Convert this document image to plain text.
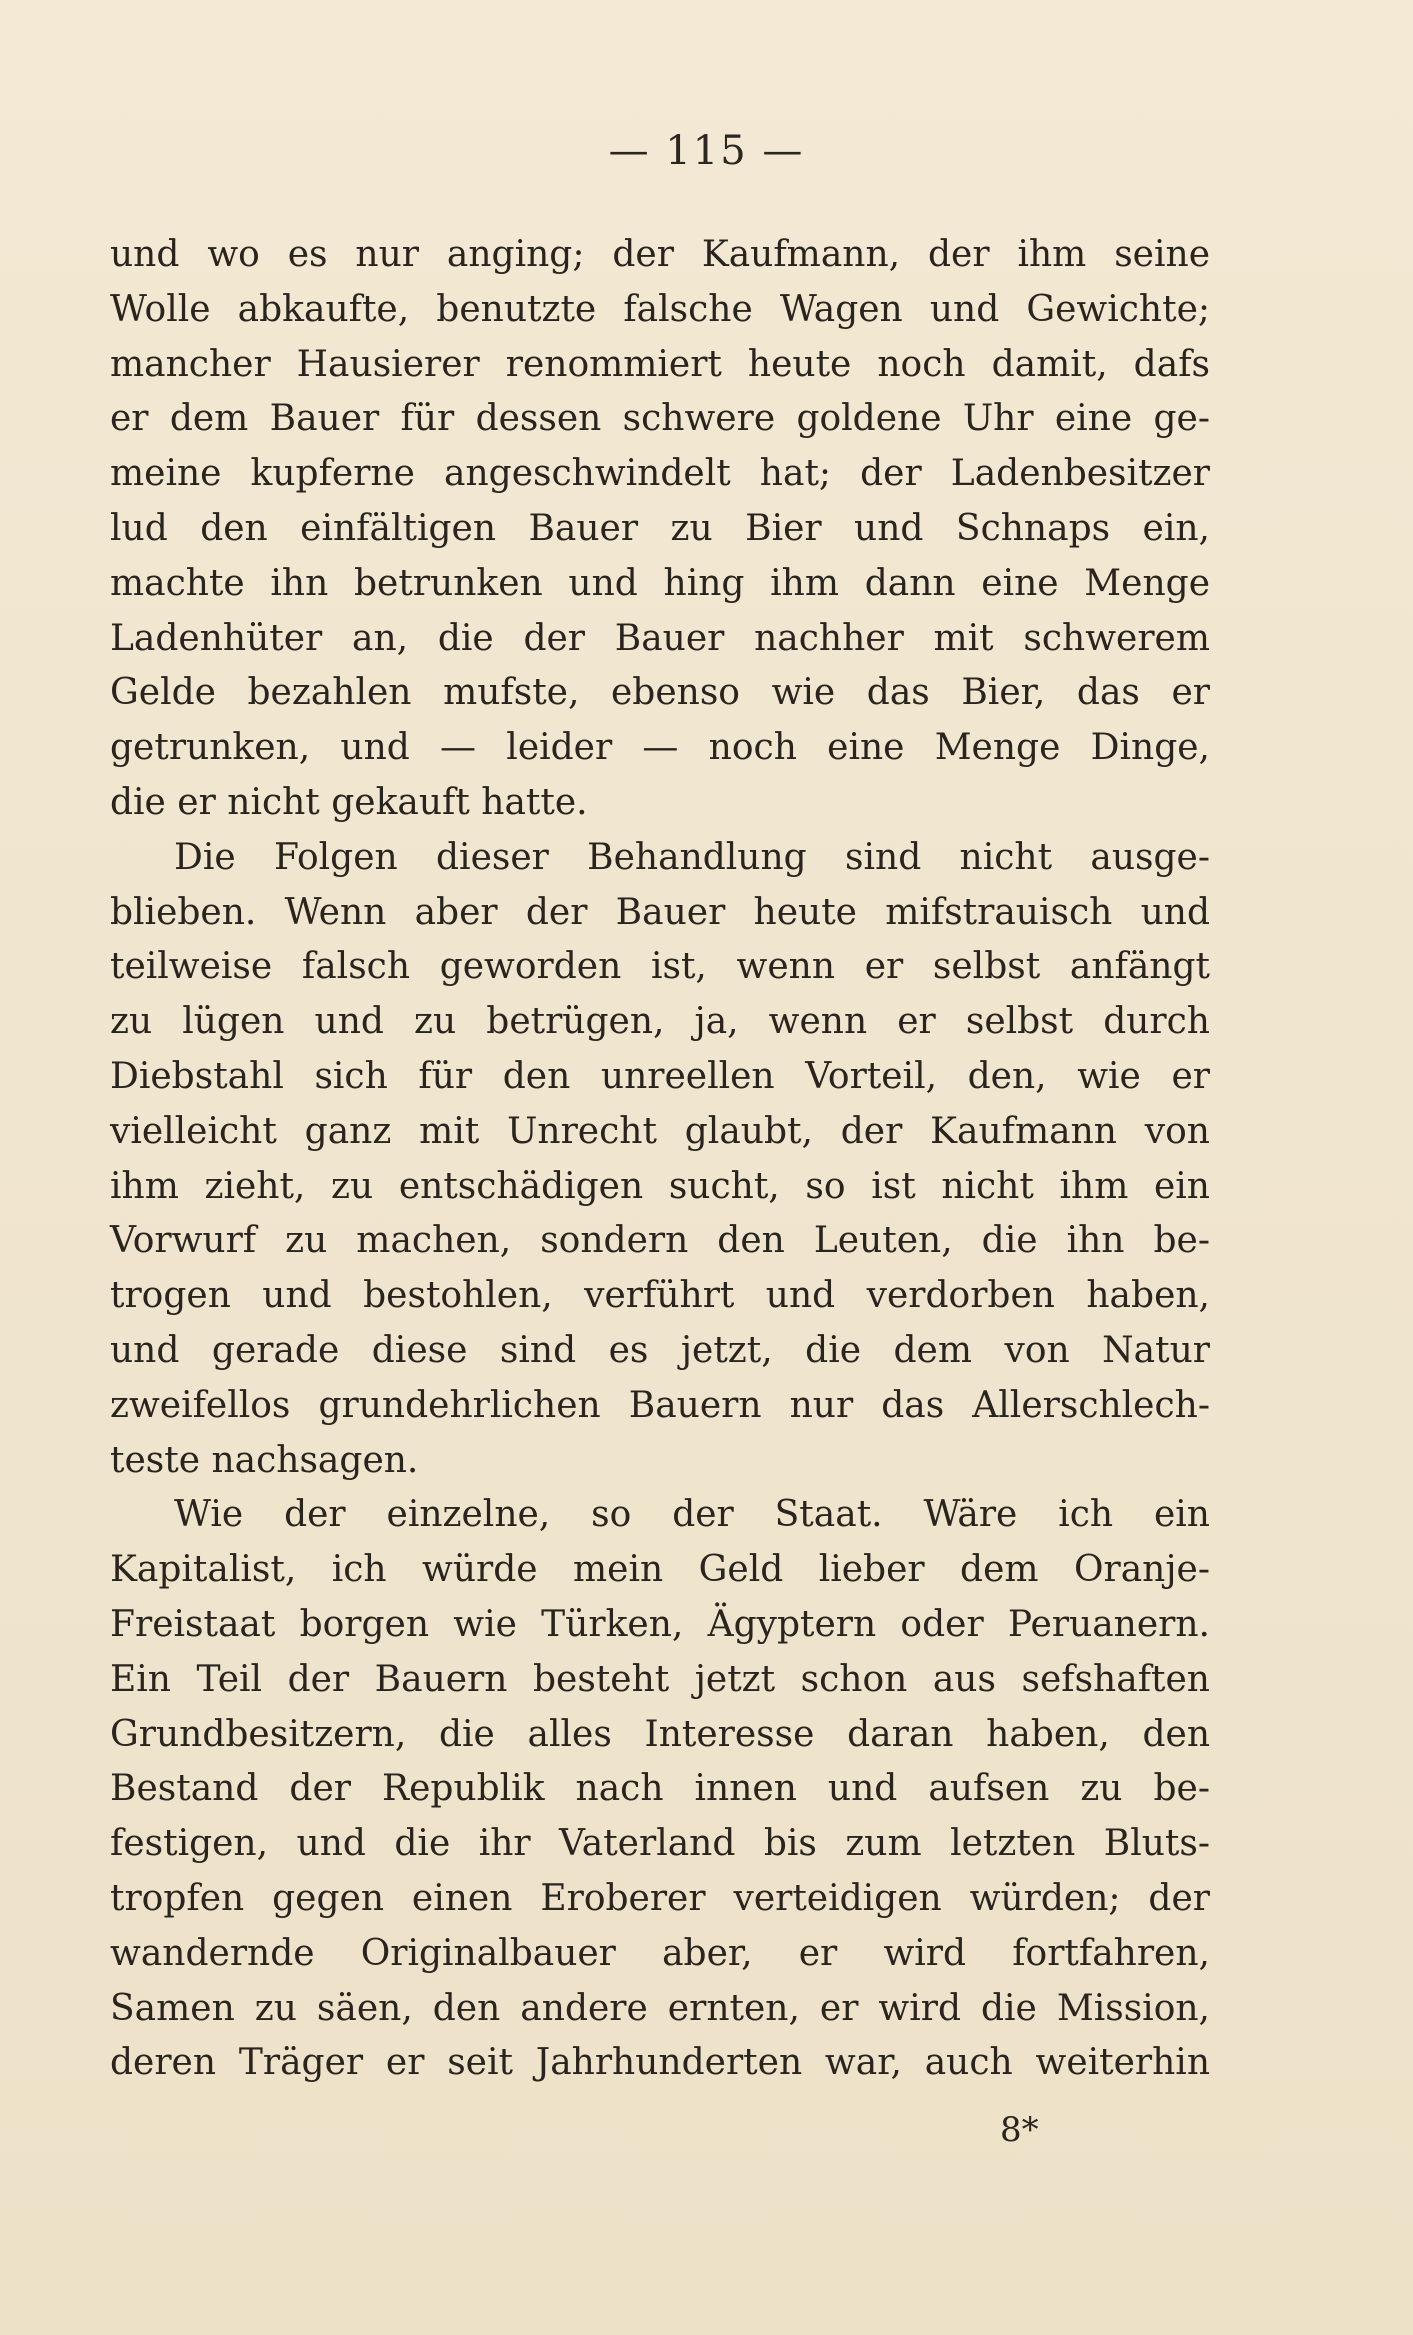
— 115 —
und wo es nur anging; der Kaufmann, der ihm seine
Wolle abkaufte, benutzte falsche Wagen und Gewichte;
mancher Hausierer renommiert heute noch damit, dafs
er dem Bauer für dessen schwere goldene Uhr eine ge-
meine kupferne angeschwindelt hat; der Ladenbesitzer
lud den einfältigen Bauer zu Bier und Schnaps ein,
machte ihn betrunken und hing ihm dann eine Menge
Ladenhüter an, die der Bauer nachher mit schwerem
Gelde bezahlen mufste, ebenso wie das Bier, das er
getrunken, und — leider — noch eine Menge Dinge,
die er nicht gekauft hatte.
Die Folgen dieser Behandlung sind nicht ausge-
blieben. Wenn aber der Bauer heute mifstrauisch und
teilweise falsch geworden ist, wenn er selbst anfängt
zu lügen und zu betrügen, ja, wenn er selbst durch
Diebstahl sich für den unreellen Vorteil, den, wie er
vielleicht ganz mit Unrecht glaubt, der Kaufmann von
ihm zieht, zu entschädigen sucht, so ist nicht ihm ein
Vorwurf zu machen, sondern den Leuten, die ihn be-
trogen und bestohlen, verführt und verdorben haben,
und gerade diese sind es jetzt, die dem von Natur
zweifellos grundehrlichen Bauern nur das Allerschlech-
teste nachsagen.
Wie der einzelne, so der Staat. Wäre ich ein
Kapitalist, ich würde mein Geld lieber dem Oranje-
Freistaat borgen wie Türken, Ägyptern oder Peruanern.
Ein Teil der Bauern besteht jetzt schon aus sefshaften
Grundbesitzern, die alles Interesse daran haben, den
Bestand der Republik nach innen und aufsen zu be-
festigen, und die ihr Vaterland bis zum letzten Bluts-
tropfen gegen einen Eroberer verteidigen würden; der
wandernde Originalbauer aber, er wird fortfahren,
Samen zu säen, den andere ernten, er wird die Mission,
deren Träger er seit Jahrhunderten war, auch weiterhin
8*
